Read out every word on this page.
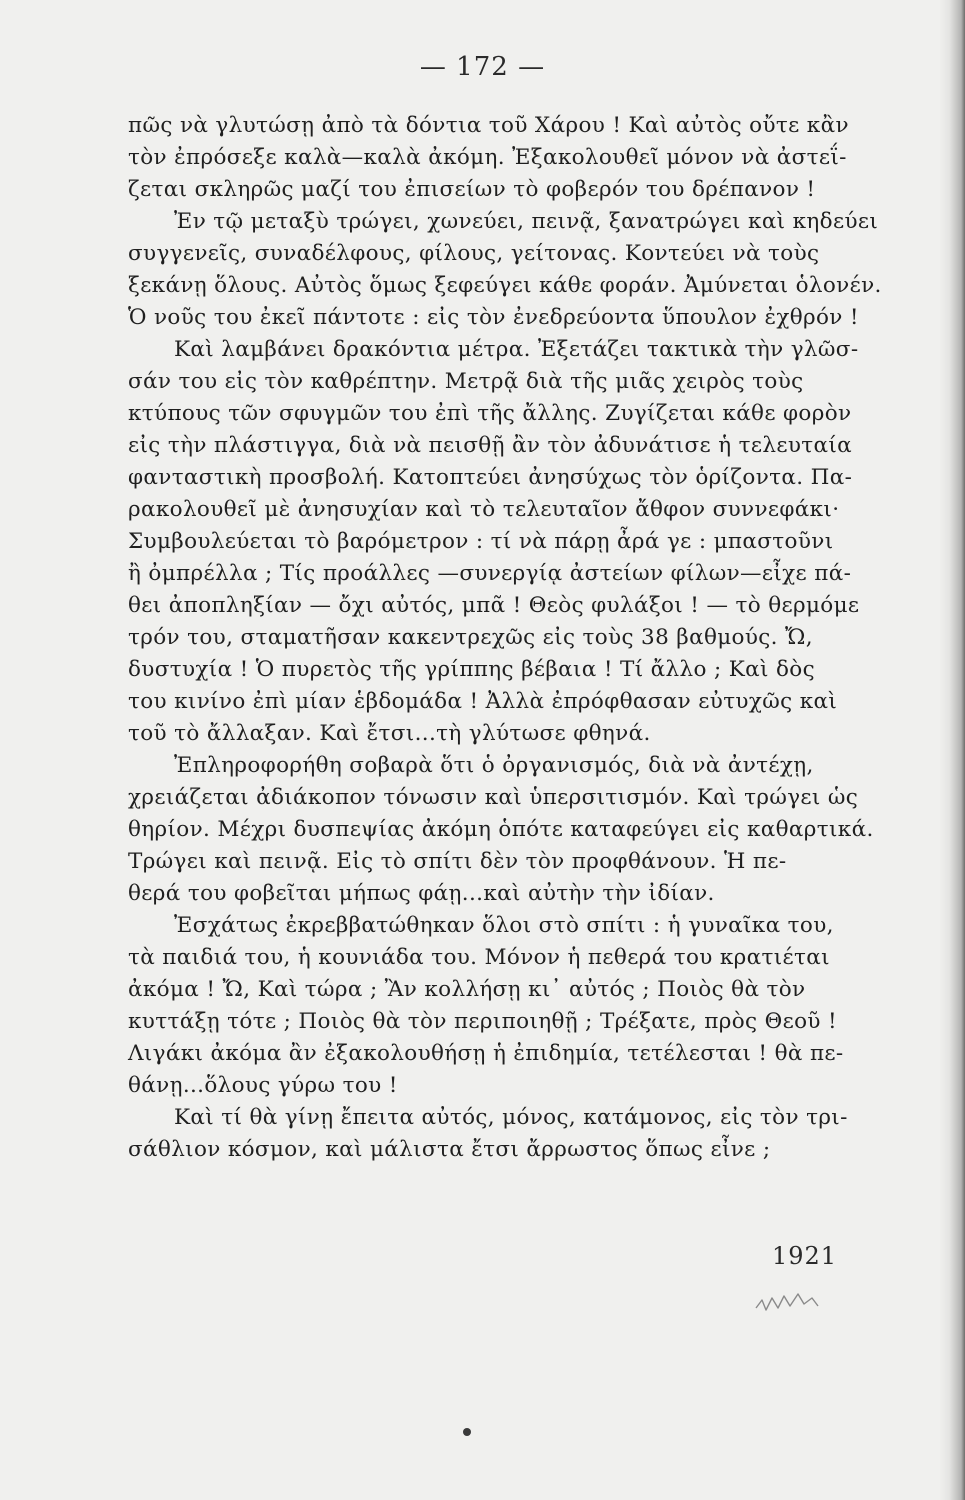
— 172 —
πῶς νὰ γλυτώσῃ ἀπὸ τὰ δόντια τοῦ Χάρου ! Καὶ αὐτὸς οὔτε κἂν
τὸν ἐπρόσεξε καλὰ—καλὰ ἀκόμη. Ἐξακολουθεῖ μόνον νὰ ἀστεΐ-
ζεται σκληρῶς μαζί του ἐπισείων τὸ φοβερόν του δρέπανον !
Ἐν τῷ μεταξὺ τρώγει, χωνεύει, πεινᾷ, ξανατρώγει καὶ κηδεύει
συγγενεῖς, συναδέλφους, φίλους, γείτονας. Κοντεύει νὰ τοὺς
ξεκάνῃ ὅλους. Αὐτὸς ὅμως ξεφεύγει κάθε φοράν. Ἀμύνεται ὁλονέν.
Ὁ νοῦς του ἐκεῖ πάντοτε : εἰς τὸν ἐνεδρεύοντα ὕπουλον ἐχθρόν !
Καὶ λαμβάνει δρακόντια μέτρα. Ἐξετάζει τακτικὰ τὴν γλῶσ-
σάν του εἰς τὸν καθρέπτην. Μετρᾷ διὰ τῆς μιᾶς χειρὸς τοὺς
κτύπους τῶν σφυγμῶν του ἐπὶ τῆς ἄλλης. Ζυγίζεται κάθε φορὸν
εἰς τὴν πλάστιγγα, διὰ νὰ πεισθῇ ἂν τὸν ἀδυνάτισε ἡ τελευταία
φανταστικὴ προσβολή. Κατοπτεύει ἀνησύχως τὸν ὁρίζοντα. Πα-
ρακολουθεῖ μὲ ἀνησυχίαν καὶ τὸ τελευταῖον ἄθφον συννεφάκι·
Συμβουλεύεται τὸ βαρόμετρον : τί νὰ πάρῃ ἆρά γε : μπαστοῦνι
ἢ ὀμπρέλλα ; Τίς προάλλες —συνεργίᾳ ἀστείων φίλων—εἶχε πά-
θει ἀποπληξίαν — ὄχι αὐτός, μπᾶ ! Θεὸς φυλάξοι ! — τὸ θερμόμε
τρόν του, σταματῆσαν κακεντρεχῶς εἰς τοὺς 38 βαθμούς. Ὤ,
δυστυχία ! Ὁ πυρετὸς τῆς γρίππης βέβαια ! Τί ἄλλο ; Καὶ δὸς
του κινίνο ἐπὶ μίαν ἑβδομάδα ! Ἀλλὰ ἐπρόφθασαν εὐτυχῶς καὶ
τοῦ τὸ ἄλλαξαν. Καὶ ἔτσι...τὴ γλύτωσε φθηνά.
Ἐπληροφορήθη σοβαρὰ ὅτι ὁ ὀργανισμός, διὰ νὰ ἀντέχῃ,
χρειάζεται ἀδιάκοπον τόνωσιν καὶ ὑπερσιτισμόν. Καὶ τρώγει ὡς
θηρίον. Μέχρι δυσπεψίας ἀκόμη ὁπότε καταφεύγει εἰς καθαρτικά.
Τρώγει καὶ πεινᾷ. Εἰς τὸ σπίτι δὲν τὸν προφθάνουν. Ἡ πε-
θερά του φοβεῖται μήπως φάῃ...καὶ αὐτὴν τὴν ἰδίαν.
Ἐσχάτως ἐκρεββατώθηκαν ὅλοι στὸ σπίτι : ἡ γυναῖκα του,
τὰ παιδιά του, ἡ κουνιάδα του. Μόνον ἡ πεθερά του κρατιέται
ἀκόμα ! Ὤ, Καὶ τώρα ; Ἂν κολλήσῃ κι᾽ αὐτός ; Ποιὸς θὰ τὸν
κυττάξῃ τότε ; Ποιὸς θὰ τὸν περιποιηθῇ ; Τρέξατε, πρὸς Θεοῦ !
Λιγάκι ἀκόμα ἂν ἐξακολουθήσῃ ἡ ἐπιδημία, τετέλεσται ! θὰ πε-
θάνῃ...ὅλους γύρω του !
Καὶ τί θὰ γίνῃ ἔπειτα αὐτός, μόνος, κατάμονος, εἰς τὸν τρι-
σάθλιον κόσμον, καὶ μάλιστα ἔτσι ἄρρωστος ὅπως εἶνε ;
1921
